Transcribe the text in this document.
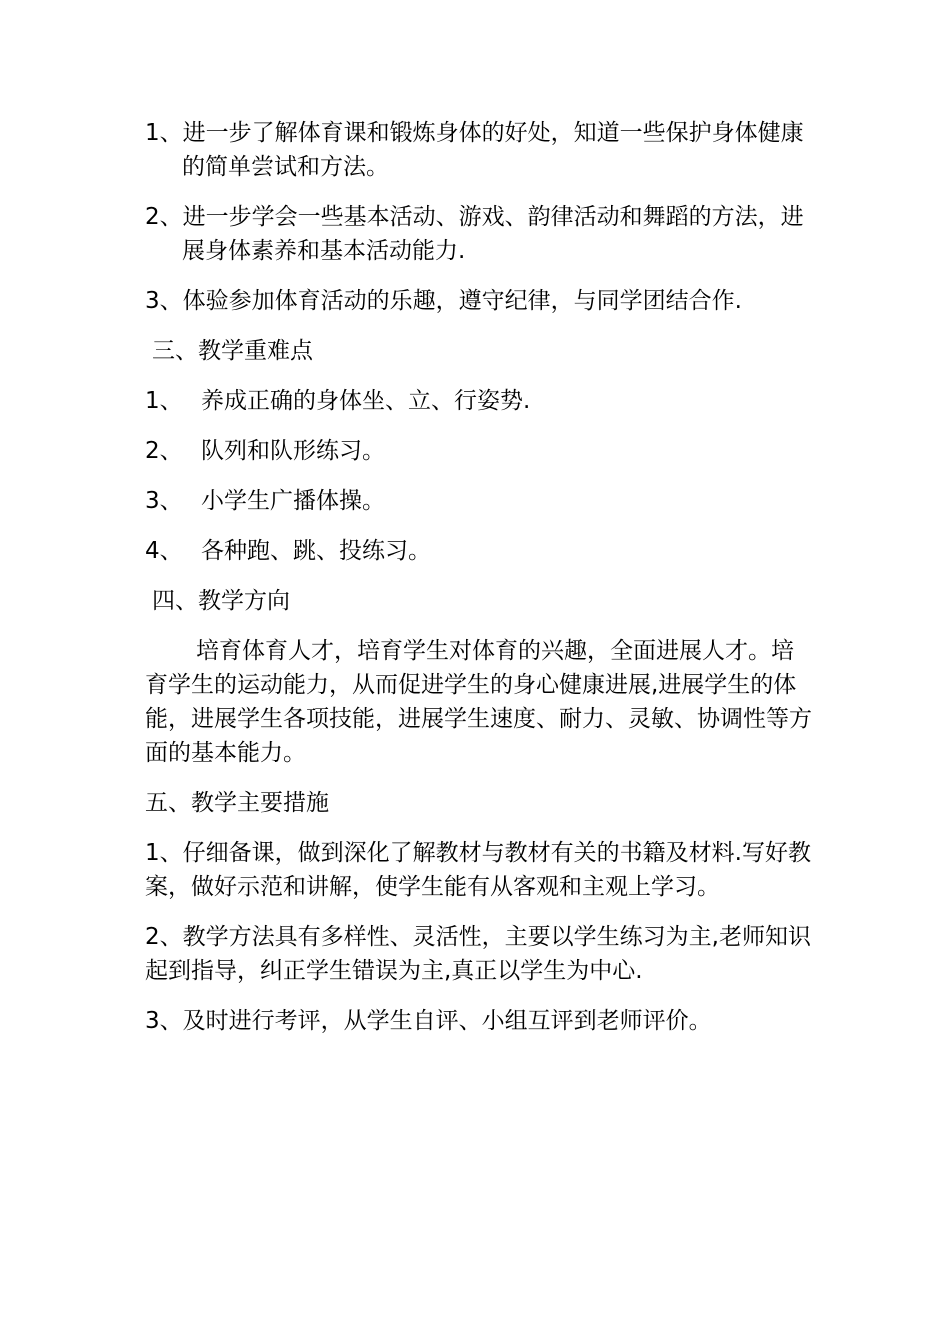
1、进一步了解体育课和锻炼身体的好处，知道一些保护身体健康的简单尝试和方法。

2、进一步学会一些基本活动、游戏、韵律活动和舞蹈的方法，进展身体素养和基本活动能力.

3、体验参加体育活动的乐趣，遵守纪律，与同学团结合作.

三、教学重难点

1、 养成正确的身体坐、立、行姿势.
2、 队列和队形练习。
3、 小学生广播体操。
4、 各种跑、跳、投练习。

四、教学方向

培育体育人才，培育学生对体育的兴趣，全面进展人才。培育学生的运动能力，从而促进学生的身心健康进展,进展学生的体能，进展学生各项技能，进展学生速度、耐力、灵敏、协调性等方面的基本能力。

五、教学主要措施

1、仔细备课，做到深化了解教材与教材有关的书籍及材料.写好教案，做好示范和讲解，使学生能有从客观和主观上学习。

2、教学方法具有多样性、灵活性，主要以学生练习为主,老师知识起到指导，纠正学生错误为主,真正以学生为中心.

3、及时进行考评，从学生自评、小组互评到老师评价。
